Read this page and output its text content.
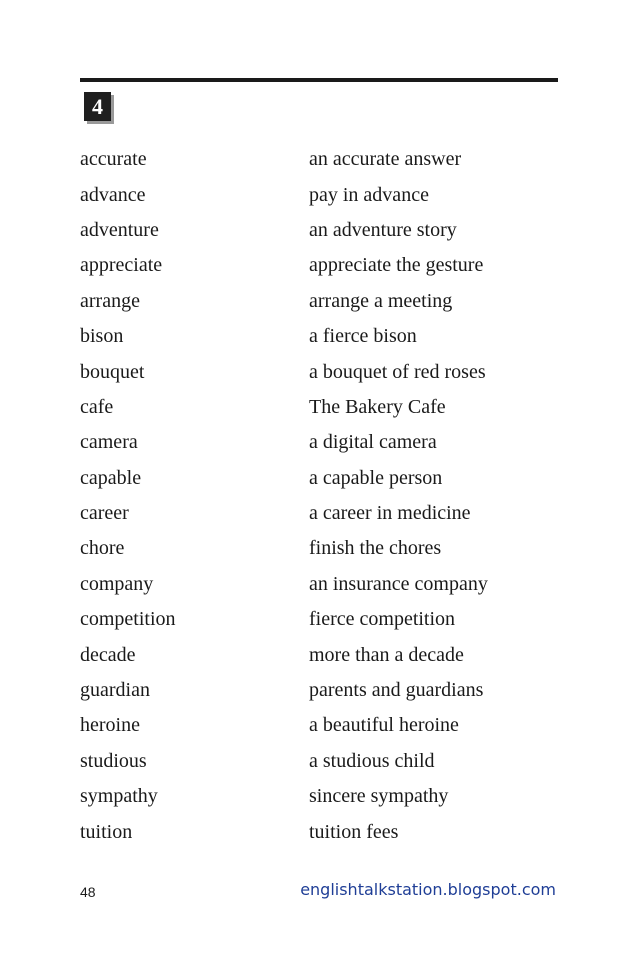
4
accurate	an accurate answer
advance	pay in advance
adventure	an adventure story
appreciate	appreciate the gesture
arrange	arrange a meeting
bison	a fierce bison
bouquet	a bouquet of red roses
cafe	The Bakery Cafe
camera	a digital camera
capable	a capable person
career	a career in medicine
chore	finish the chores
company	an insurance company
competition	fierce competition
decade	more than a decade
guardian	parents and guardians
heroine	a beautiful heroine
studious	a studious child
sympathy	sincere sympathy
tuition	tuition fees
48	englishtalkstation.blogspot.com
